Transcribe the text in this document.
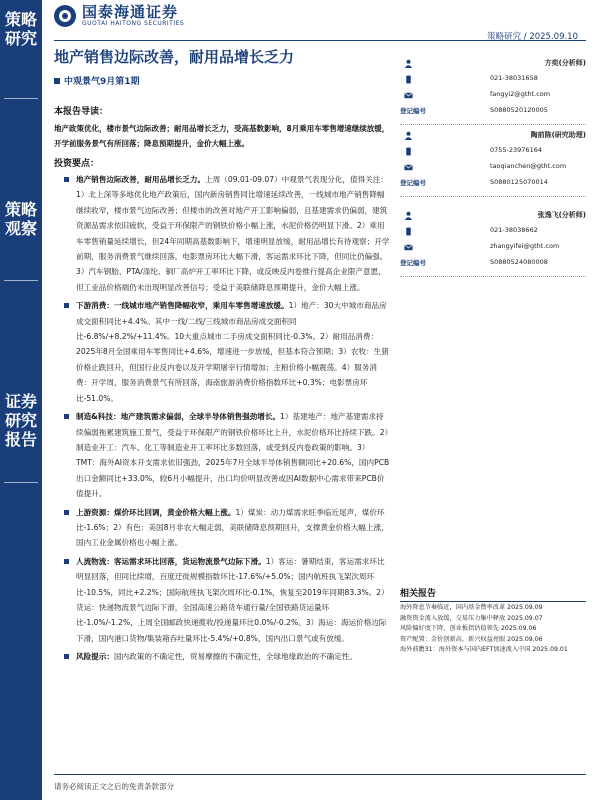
策略研究
策略观察
证券研究报告
国泰海通证券
GUOTAI HAITONG SECURITIES
策略研究 / 2025.09.10
地产销售边际改善，耐用品增长乏力
中观景气9月第1期
本报告导读：
地产政策优化，楼市景气边际改善；耐用品增长乏力，受高基数影响，8月乘用车零售增速继续放缓，开学前服务景气有所回落；降息预期提升，金价大幅上涨。
投资要点：
地产销售边际改善，耐用品增长乏力。上周（09.01-09.07）中观景气表现分化，值得关注：1）北上深等多地优化地产政策后，国内新房销售同比增速延续改善，一线城市地产销售降幅继续收窄，楼市景气边际改善；但楼市的改善对地产开工影响偏弱，且基建需求仍偏弱，建筑资源品需求依旧疲软，受益于环保限产的钢铁价格小幅上涨，水泥价格仍明显下滑。2）乘用车零售销量延续增长，但24年同期高基数影响下，增速明显放缓，耐用品增长有待观察；开学前期，服务消费景气继续回落，电影票房环比大幅下滑，客运需求环比下降，但同比仍偏强。3）汽车钢胎、PTA/涤纶、铜厂高炉开工率环比下降，或反映反内卷推行提高企业限产意愿，但工业品价格端仍未出现明显改善信号；受益于美联储降息预期提升，金价大幅上涨。
下游消费：一线城市地产销售降幅收窄，乘用车零售增速放缓。1）地产：30大中城市商品房成交面积同比+4.4%。其中一线/二线/三线城市商品房成交面积同比-6.8%/+8.2%/+11.4%。10大重点城市二手房成交面积同比-0.3%。2）耐用品消费：2025年8月全国乘用车零售同比+4.6%，增速进一步放缓，但基本符合预期；3）农牧：生猪价格止跌回升，但国行业反内卷以及开学期屠宰行情增加；主粮价格小幅震荡。4）服务消费：开学周，服务消费景气有所回落，海南旅游消费价格指数环比+0.3%；电影票房环比-51.0%。
制造&科技：地产建筑需求偏弱，全球半导体销售强劲增长。1）基建地产：地产基建需求持续偏弱拖累建筑施工景气，受益于环保限产的钢铁价格环比上升，水泥价格环比持续下跌。2）制造业开工：汽车、化工等制造业开工率环比多数回落，或受到反内卷政策的影响。3）TMT：海外AI资本开支需求依旧强劲，2025年7月全球半导体销售额同比+20.6%，国内PCB出口金额同比+33.0%，较6月小幅提升，出口均价明显改善或因AI数据中心需求带来PCB价值提升。
上游资源：煤价环比回调，黄金价格大幅上涨。1）煤炭：动力煤需求旺季临近尾声，煤价环比-1.6%；2）有色：美国8月非农大幅走弱，美联储降息预期回升，支撑黄金价格大幅上涨，国内工业金属价格也小幅上涨。
人流物流：客运需求环比回落，货运物流景气边际下滑。1）客运：暑期结束，客运需求环比明显回落，但同比续增，百度迁徙规模指数环比-17.6%/+5.0%；国内航班执飞架次周环比-10.5%，同比+2.2%；国际航班执飞架次周环比-0.1%，恢复至2019年同期83.3%。2）货运：快递物流景气边际下滑，全国高速公路货车通行量/全国铁路货运量环比-1.0%/-1.2%，上周全国邮政快递揽收/投递量环比0.0%/-0.2%。3）海运：海运价格边际下滑，国内港口货物/集装箱吞吐量环比-5.4%/+0.8%，国内出口景气或有放缓。
风险提示：国内政策的不确定性，贸易摩擦的不确定性，全球地缘政治的不确定性。
方奕(分析师)
021-38031658
fangyi2@gtht.com
登记编号	S0880520120005
陶前陈(研究助理)
0755-23976164
taoqianchen@gtht.com
登记编号	S0880125070014
张逸飞(分析师)
021-38038662
zhangyifei@gtht.com
登记编号	S0880524080008
相关报告
海外降息节奏临近，国内基金赞率改革 2025.09.09
融资资金流入放缓，交易压力集中释放 2025.09.07
风险偏好度下降，创业板指估值领先 2025.09.06
资产配置：金价创新高，新兴权益亮眼 2025.09.06
海外前瞻31：海外资本与国内EFT加速流入中国 2025.09.01
请务必阅读正文之后的免责条款部分
